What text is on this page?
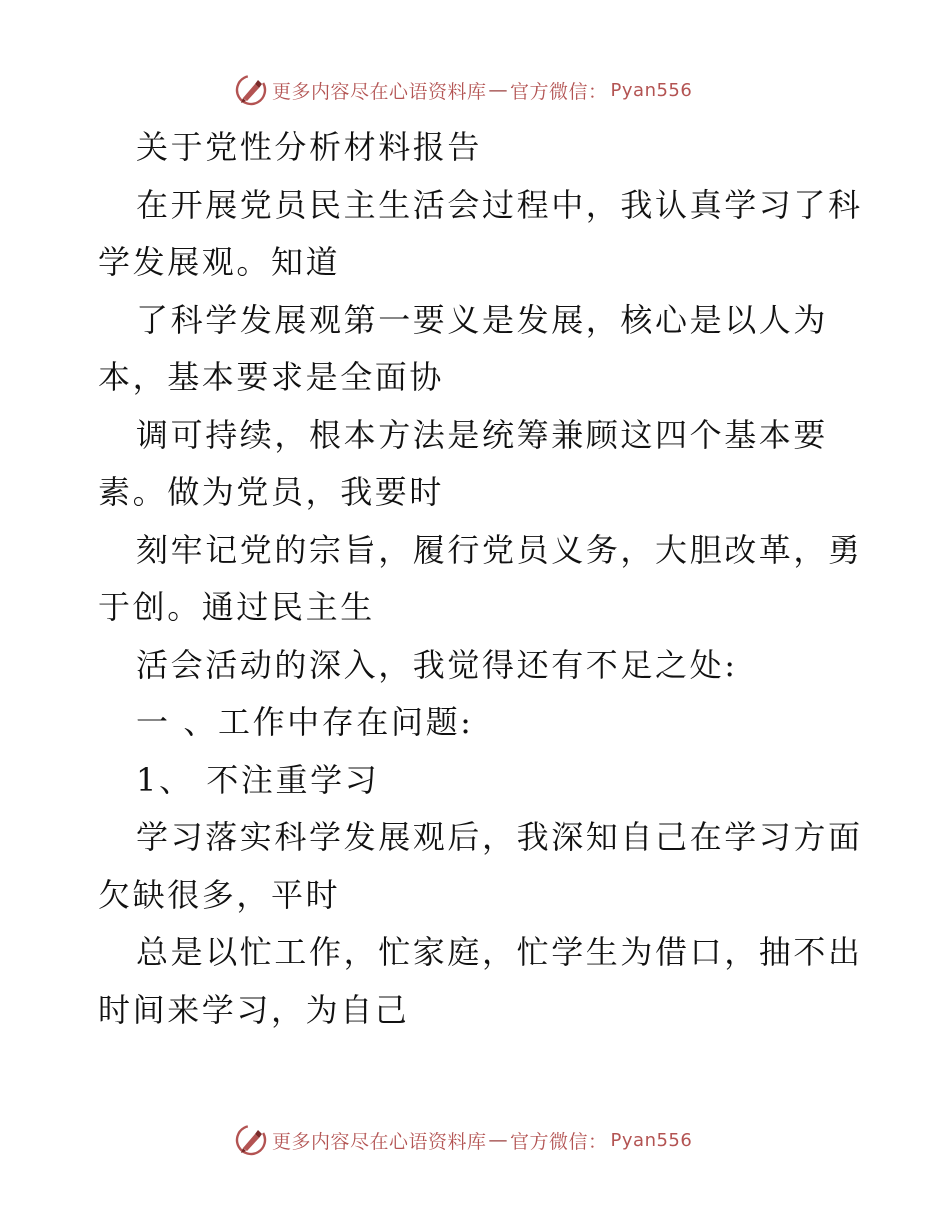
更多内容尽在心语资料库 — 官方微信： Pyan556
关于党性分析材料报告
在开展党员民主生活会过程中，我认真学习了科
学发展观。知道
了科学发展观第一要义是发展，核心是以人为
本，基本要求是全面协
调可持续，根本方法是统筹兼顾这四个基本要
素。做为党员，我要时
刻牢记党的宗旨，履行党员义务，大胆改革，勇
于创。通过民主生
活会活动的深入，我觉得还有不足之处:
一 、工作中存在问题:
1、 不注重学习
学习落实科学发展观后，我深知自己在学习方面
欠缺很多，平时
总是以忙工作，忙家庭，忙学生为借口，抽不出
时间来学习，为自己
更多内容尽在心语资料库 — 官方微信： Pyan556
